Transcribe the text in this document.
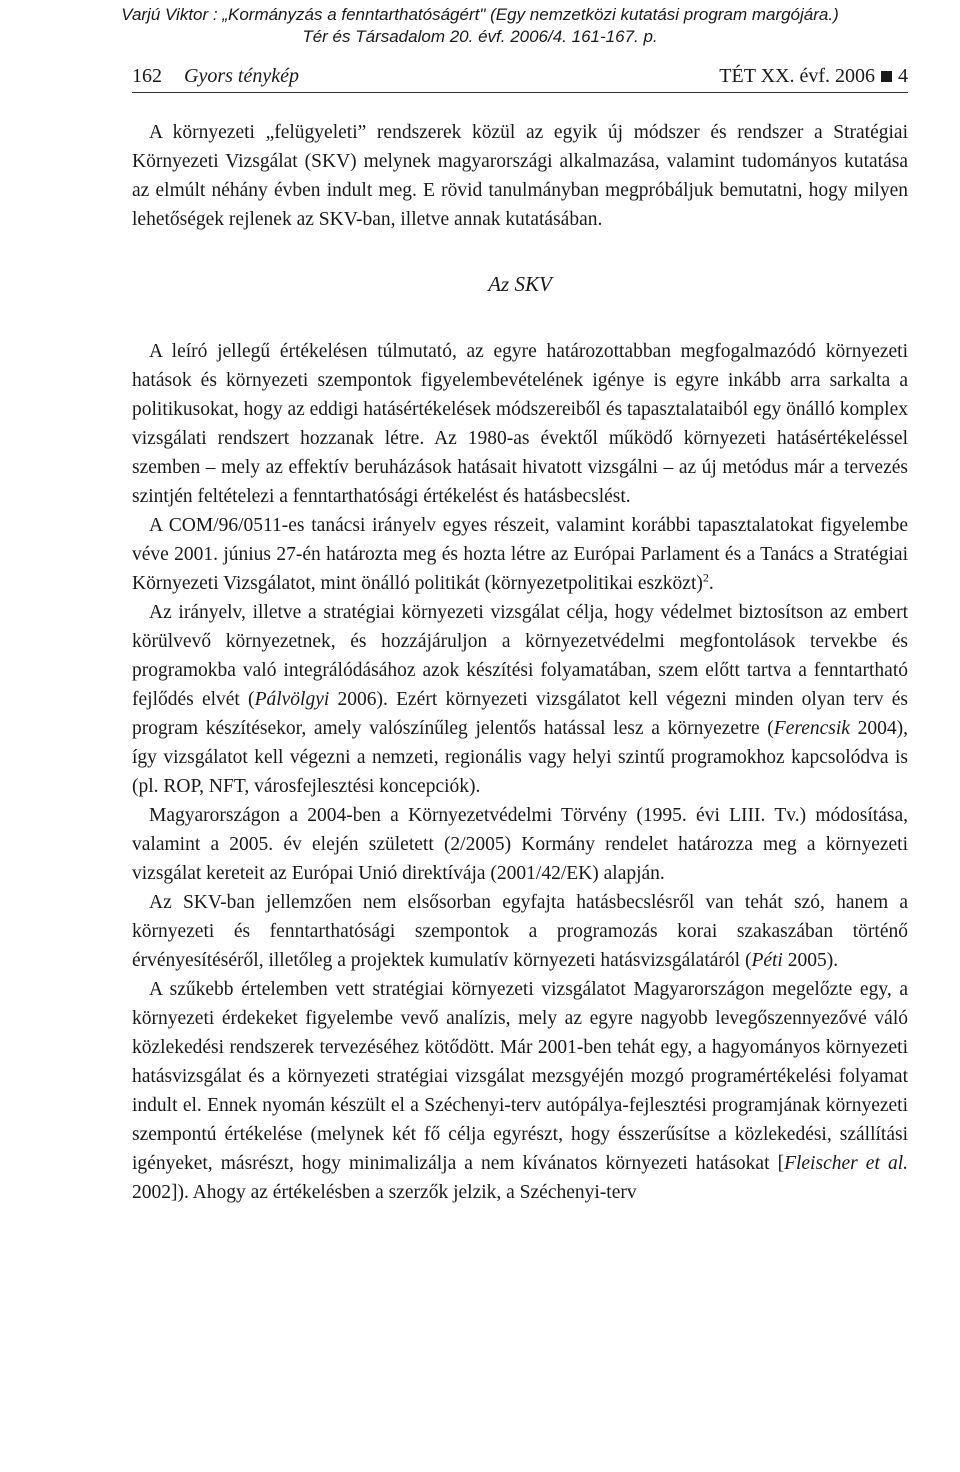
Varjú Viktor : „Kormányzás a fenntarthatóságért" (Egy nemzetközi kutatási program margójára.)
Tér és Társadalom 20. évf. 2006/4. 161-167. p.
162 Gyors ténykép	TÉT XX. évf. 2006 4

A környezeti „felügyeleti” rendszerek közül az egyik új módszer és rendszer a Stratégiai Környezeti Vizsgálat (SKV) melynek magyarországi alkalmazása, valamint tudományos kutatása az elmúlt néhány évben indult meg. E rövid tanulmányban megpróbáljuk bemutatni, hogy milyen lehetőségek rejlenek az SKV-ban, illetve annak kutatásában.

Az SKV

A leíró jellegű értékelésen túlmutató, az egyre határozottabban megfogalmazódó környezeti hatások és környezeti szempontok figyelembevételének igénye is egyre inkább arra sarkalta a politikusokat, hogy az eddigi hatásértékelések módszereiből és tapasztalataiból egy önálló komplex vizsgálati rendszert hozzanak létre. Az 1980-as évektől működő környezeti hatásértékeléssel szemben – mely az effektív beruházások hatásait hivatott vizsgálni – az új metódus már a tervezés szintjén feltételezi a fenntarthatósági értékelést és hatásbecslést.

A COM/96/0511-es tanácsi irányelv egyes részeit, valamint korábbi tapasztalatokat figyelembe véve 2001. június 27-én határozta meg és hozta létre az Európai Parlament és a Tanács a Stratégiai Környezeti Vizsgálatot, mint önálló politikát (környezetpolitikai eszközt)$^2$.

Az irányelv, illetve a stratégiai környezeti vizsgálat célja, hogy védelmet biztosítson az embert körülvevő környezetnek, és hozzájáruljon a környezetvédelmi megfontolások tervekbe és programokba való integrálódásához azok készítési folyamatában, szem előtt tartva a fenntartható fejlődés elvét (Pálvölgyi 2006). Ezért környezeti vizsgálatot kell végezni minden olyan terv és program készítésekor, amely valószínűleg jelentős hatással lesz a környezetre (Ferencsik 2004), így vizsgálatot kell végezni a nemzeti, regionális vagy helyi szintű programokhoz kapcsolódva is (pl. ROP, NFT, városfejlesztési koncepciók).

Magyarországon a 2004-ben a Környezetvédelmi Törvény (1995. évi LIII. Tv.) módosítása, valamint a 2005. év elején született (2/2005) Kormány rendelet határozza meg a környezeti vizsgálat kereteit az Európai Unió direktívája (2001/42/EK) alapján.

Az SKV-ban jellemzően nem elsősorban egyfajta hatásbecslésről van tehát szó, hanem a környezeti és fenntarthatósági szempontok a programozás korai szakaszában történő érvényesítéséről, illetőleg a projektek kumulatív környezeti hatásvizsgálatáról (Péti 2005).

A szűkebb értelemben vett stratégiai környezeti vizsgálatot Magyarországon megelőzte egy, a környezeti érdekeket figyelembe vevő analízis, mely az egyre nagyobb levegőszennyezővé váló közlekedési rendszerek tervezéséhez kötődött. Már 2001-ben tehát egy, a hagyományos környezeti hatásvizsgálat és a környezeti stratégiai vizsgálat mezsgyéjén mozgó programértékelési folyamat indult el. Ennek nyomán készült el a Széchenyi-terv autópálya-fejlesztési programjának környezeti szempontú értékelése (melynek két fő célja egyrészt, hogy ésszerűsítse a közlekedési, szállítási igényeket, másrészt, hogy minimalizálja a nem kívánatos környezeti hatásokat [Fleischer et al. 2002]). Ahogy az értékelésben a szerzők jelzik, a Széchenyi-terv
